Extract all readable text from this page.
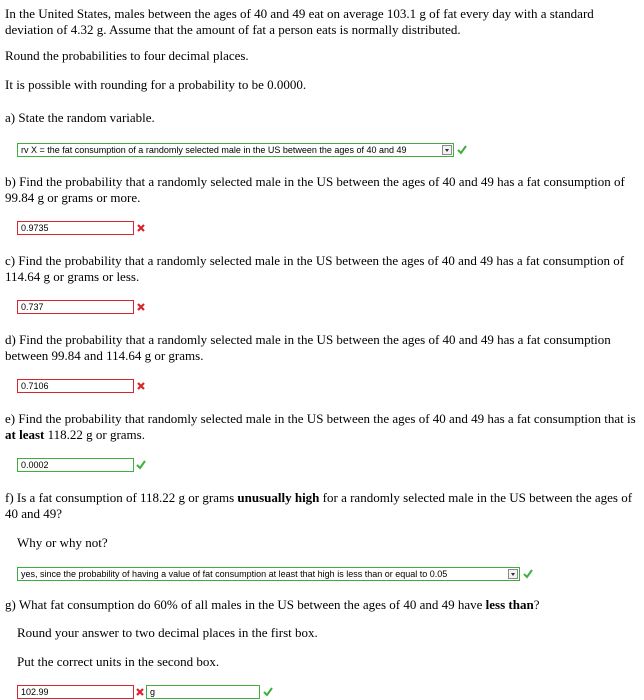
In the United States, males between the ages of 40 and 49 eat on average 103.1 g of fat every day with a standard deviation of 4.32 g. Assume that the amount of fat a person eats is normally distributed.

Round the probabilities to four decimal places.

It is possible with rounding for a probability to be 0.0000.

a) State the random variable.

rv X = the fat consumption of a randomly selected male in the US between the ages of 40 and 49

b) Find the probability that a randomly selected male in the US between the ages of 40 and 49 has a fat consumption of 99.84 g or grams or more.

0.9735

c) Find the probability that a randomly selected male in the US between the ages of 40 and 49 has a fat consumption of 114.64 g or grams or less.

0.737

d) Find the probability that a randomly selected male in the US between the ages of 40 and 49 has a fat consumption between 99.84 and 114.64 g or grams.

0.7106

e) Find the probability that randomly selected male in the US between the ages of 40 and 49 has a fat consumption that is at least 118.22 g or grams.

0.0002

f) Is a fat consumption of 118.22 g or grams unusually high for a randomly selected male in the US between the ages of 40 and 49?

Why or why not?

yes, since the probability of having a value of fat consumption at least that high is less than or equal to 0.05

g) What fat consumption do 60% of all males in the US between the ages of 40 and 49 have less than?

Round your answer to two decimal places in the first box.

Put the correct units in the second box.

102.99	g
